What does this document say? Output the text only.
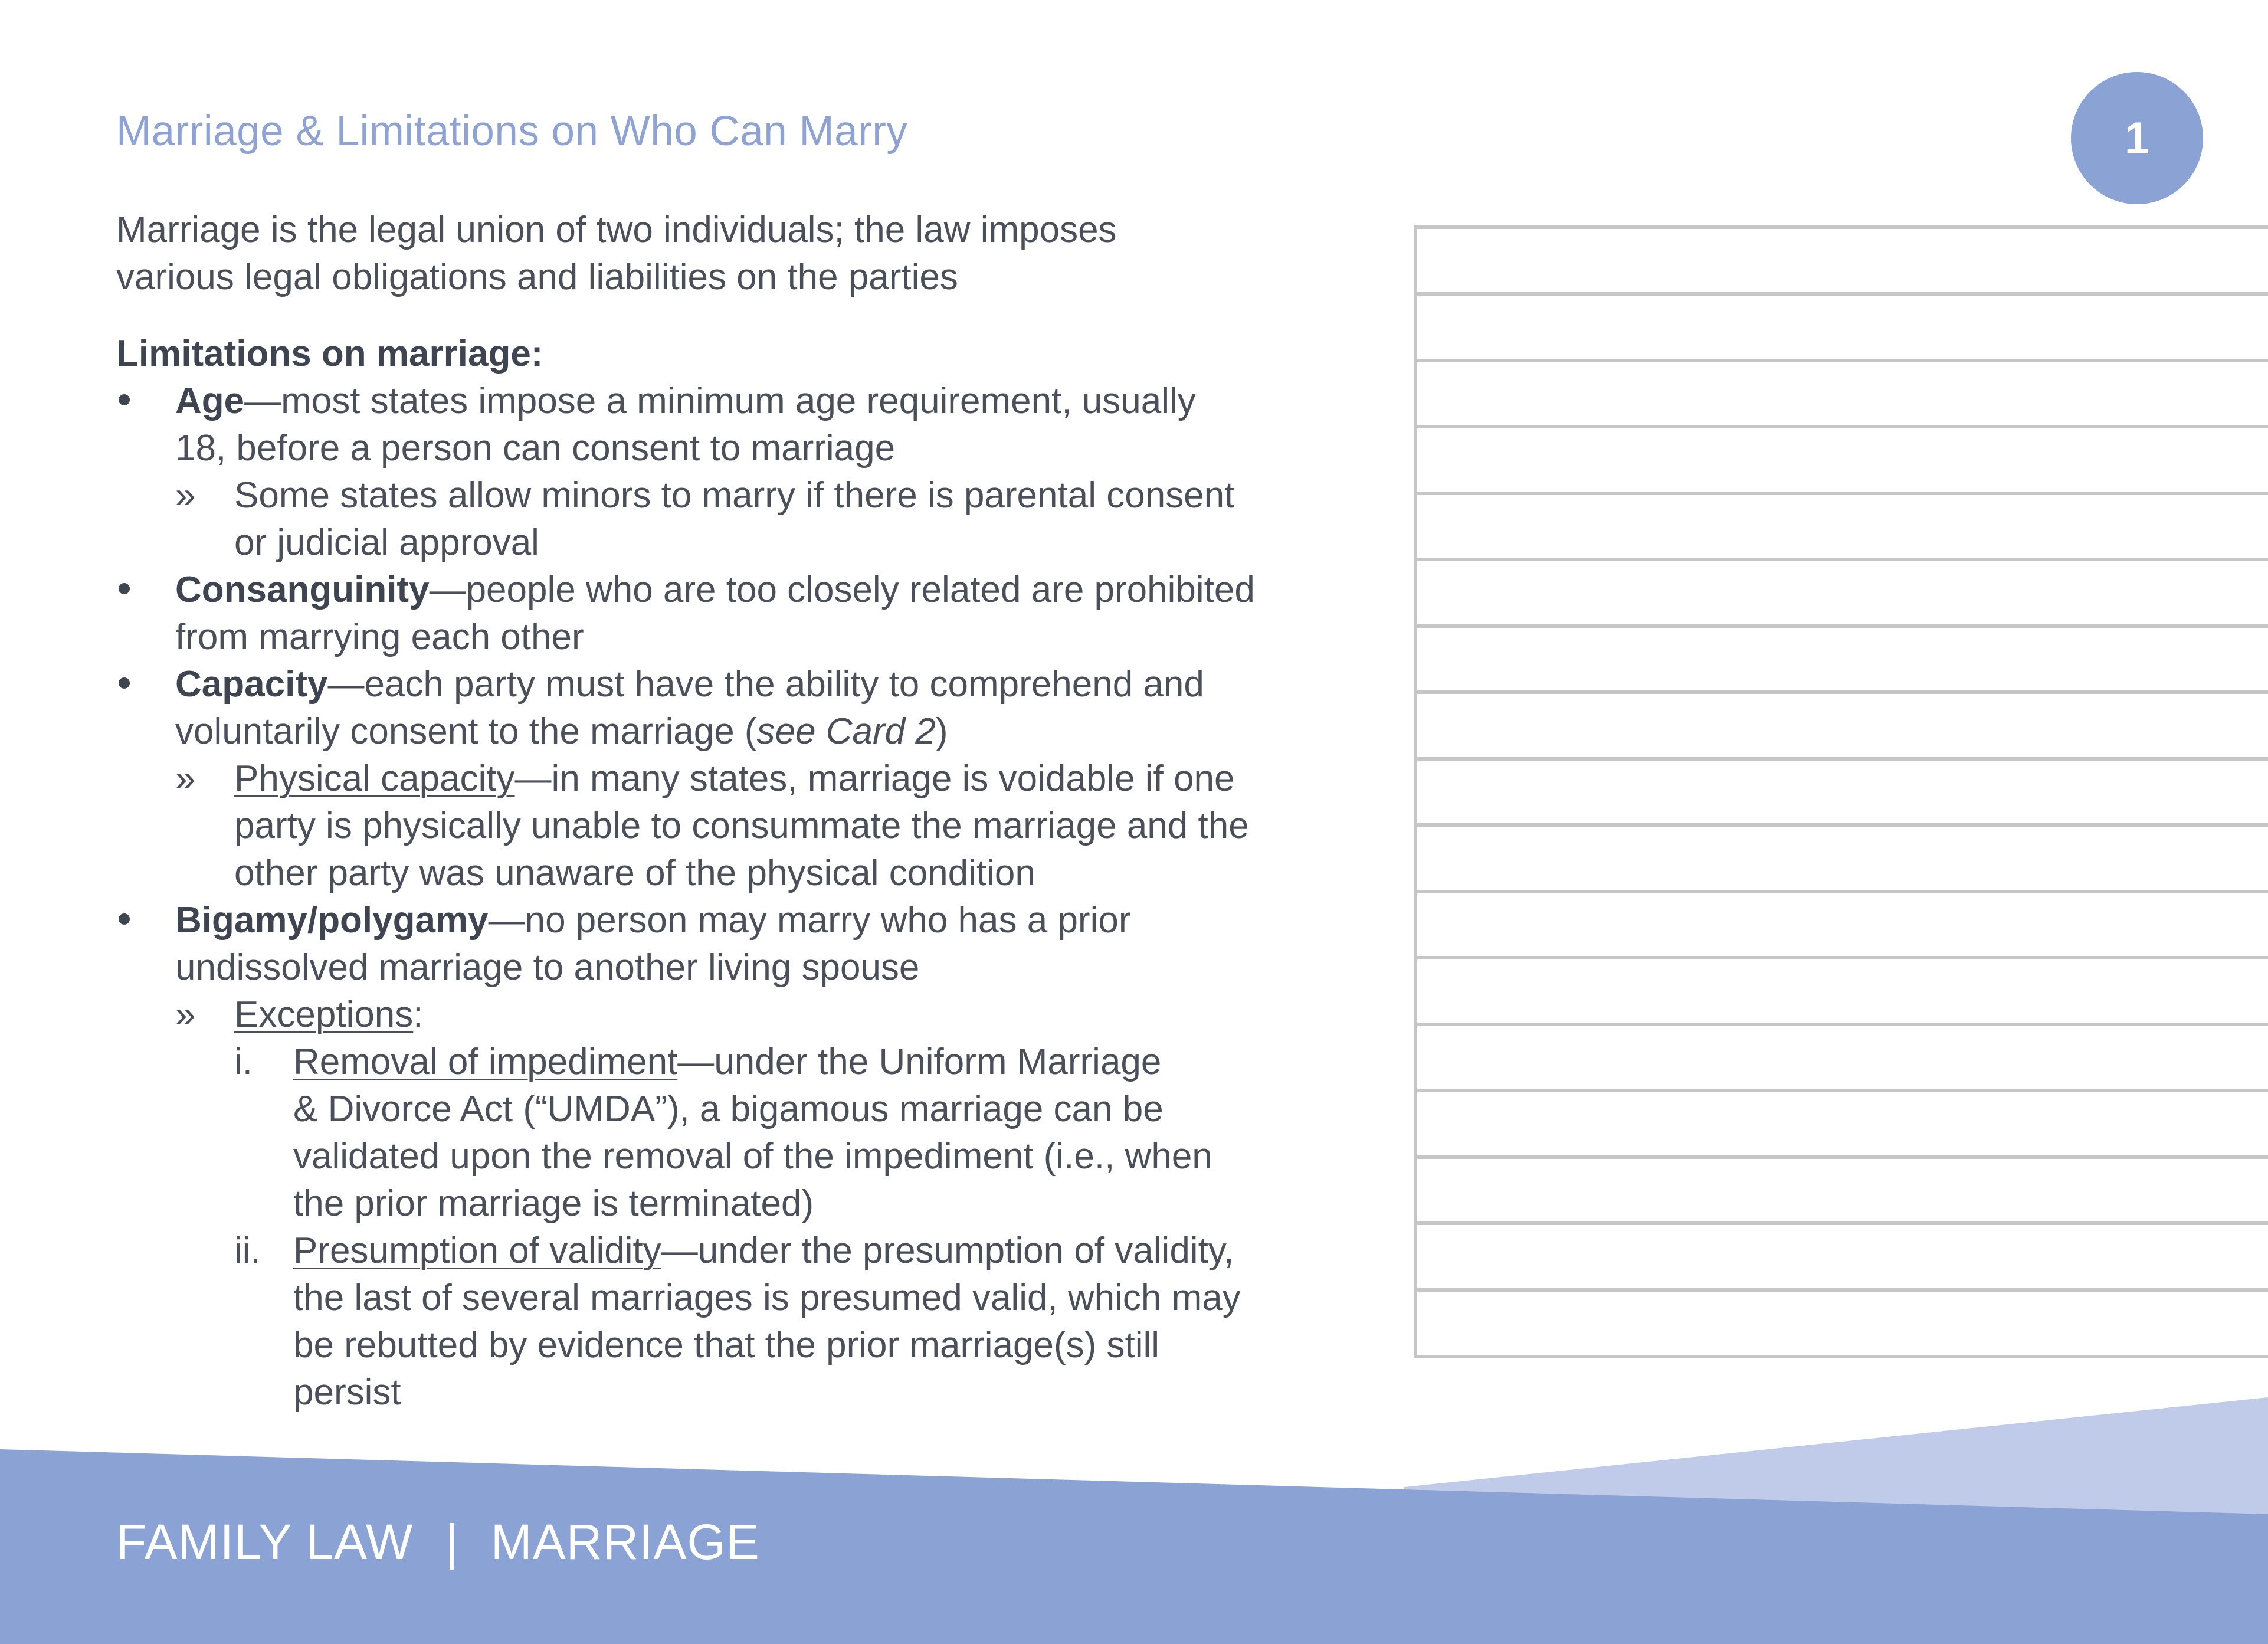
Marriage & Limitations on Who Can Marry	1

Marriage is the legal union of two individuals; the law imposes
various legal obligations and liabilities on the parties

Limitations on marriage:
Age—most states impose a minimum age requirement, usually
18, before a person can consent to marriage
» Some states allow minors to marry if there is parental consent
or judicial approval
Consanguinity—people who are too closely related are prohibited
from marrying each other
Capacity—each party must have the ability to comprehend and
voluntarily consent to the marriage (see Card 2)
» Physical capacity—in many states, marriage is voidable if one
party is physically unable to consummate the marriage and the
other party was unaware of the physical condition
Bigamy/polygamy—no person may marry who has a prior
undissolved marriage to another living spouse
» Exceptions:
i. Removal of impediment—under the Uniform Marriage
& Divorce Act (“UMDA”), a bigamous marriage can be
validated upon the removal of the impediment (i.e., when
the prior marriage is terminated)
ii. Presumption of validity—under the presumption of validity,
the last of several marriages is presumed valid, which may
be rebutted by evidence that the prior marriage(s) still
persist
FAMILY LAW | MARRIAGE
